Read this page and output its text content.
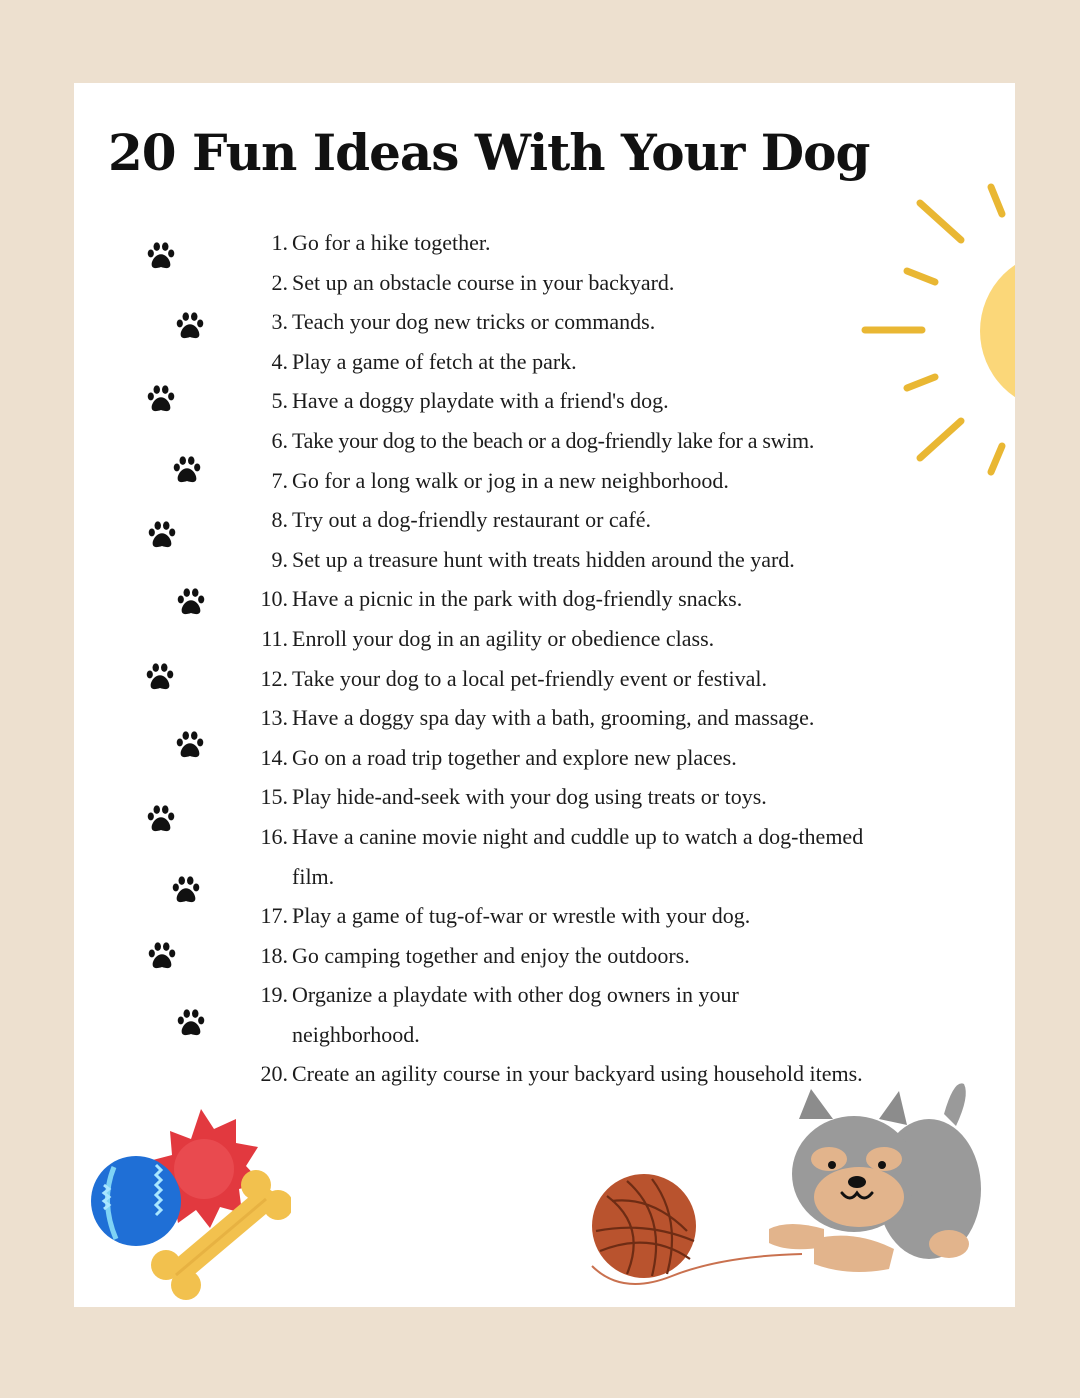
20 Fun Ideas With Your Dog
1. Go for a hike together.
2. Set up an obstacle course in your backyard.
3. Teach your dog new tricks or commands.
4. Play a game of fetch at the park.
5. Have a doggy playdate with a friend's dog.
6. Take your dog to the beach or a dog-friendly lake for a swim.
7. Go for a long walk or jog in a new neighborhood.
8. Try out a dog-friendly restaurant or café.
9. Set up a treasure hunt with treats hidden around the yard.
10. Have a picnic in the park with dog-friendly snacks.
11. Enroll your dog in an agility or obedience class.
12. Take your dog to a local pet-friendly event or festival.
13. Have a doggy spa day with a bath, grooming, and massage.
14. Go on a road trip together and explore new places.
15. Play hide-and-seek with your dog using treats or toys.
16. Have a canine movie night and cuddle up to watch a dog-themed film.
17. Play a game of tug-of-war or wrestle with your dog.
18. Go camping together and enjoy the outdoors.
19. Organize a playdate with other dog owners in your neighborhood.
20. Create an agility course in your backyard using household items.
